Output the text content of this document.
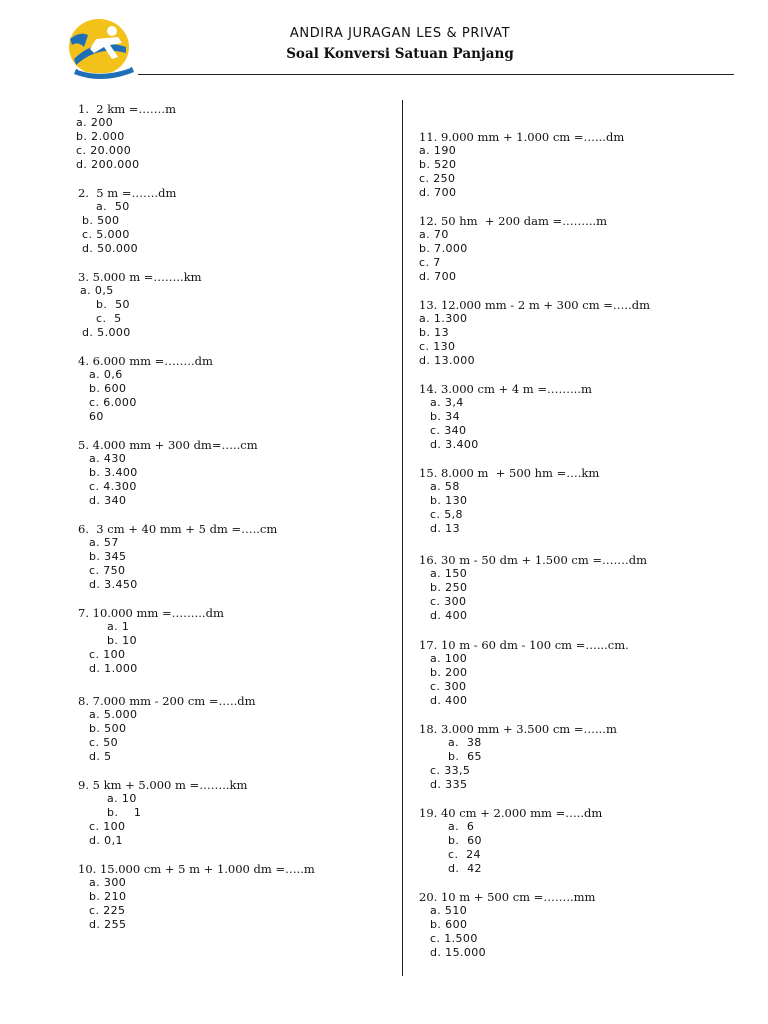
ANDIRA JURAGAN LES & PRIVAT
Soal Konversi Satuan Panjang
1.  2 km =…….m
a. 200
b. 2.000
c. 20.000
d. 200.000
2.  5 m =…….dm
a.  50
b. 500
c. 5.000
d. 50.000
3. 5.000 m =……..km
a. 0,5
b.  50
c.  5
d. 5.000
4. 6.000 mm =……..dm
a. 0,6
b. 600
c. 6.000
60
5. 4.000 mm + 300 dm=…..cm
a. 430
b. 3.400
c. 4.300
d. 340
6.  3 cm + 40 mm + 5 dm =…..cm
a. 57
b. 345
c. 750
d. 3.450
7. 10.000 mm =……...dm
a. 1
b. 10
c. 100
d. 1.000
8. 7.000 mm - 200 cm =…..dm
a. 5.000
b. 500
c. 50
d. 5
9. 5 km + 5.000 m =……..km
a. 10
b.    1
c. 100
d. 0,1
10. 15.000 cm + 5 m + 1.000 dm =…..m
a. 300
b. 210
c. 225
d. 255
11. 9.000 mm + 1.000 cm =…...dm
a. 190
b. 520
c. 250
d. 700
12. 50 hm  + 200 dam =……...m
a. 70
b. 7.000
c. 7
d. 700
13. 12.000 mm - 2 m + 300 cm =…..dm
a. 1.300
b. 13
c. 130
d. 13.000
14. 3.000 cm + 4 m =……...m
a. 3,4
b. 34
c. 340
d. 3.400
15. 8.000 m  + 500 hm =….km
a. 58
b. 130
c. 5,8
d. 13
16. 30 m - 50 dm + 1.500 cm =…….dm
a. 150
b. 250
c. 300
d. 400
17. 10 m - 60 dm - 100 cm =…...cm.
a. 100
b. 200
c. 300
d. 400
18. 3.000 mm + 3.500 cm =…...m
a.  38
b.  65
c. 33,5
d. 335
19. 40 cm + 2.000 mm =…..dm
a.  6
b.  60
c.  24
d.  42
20. 10 m + 500 cm =……..mm
a. 510
b. 600
c. 1.500
d. 15.000
